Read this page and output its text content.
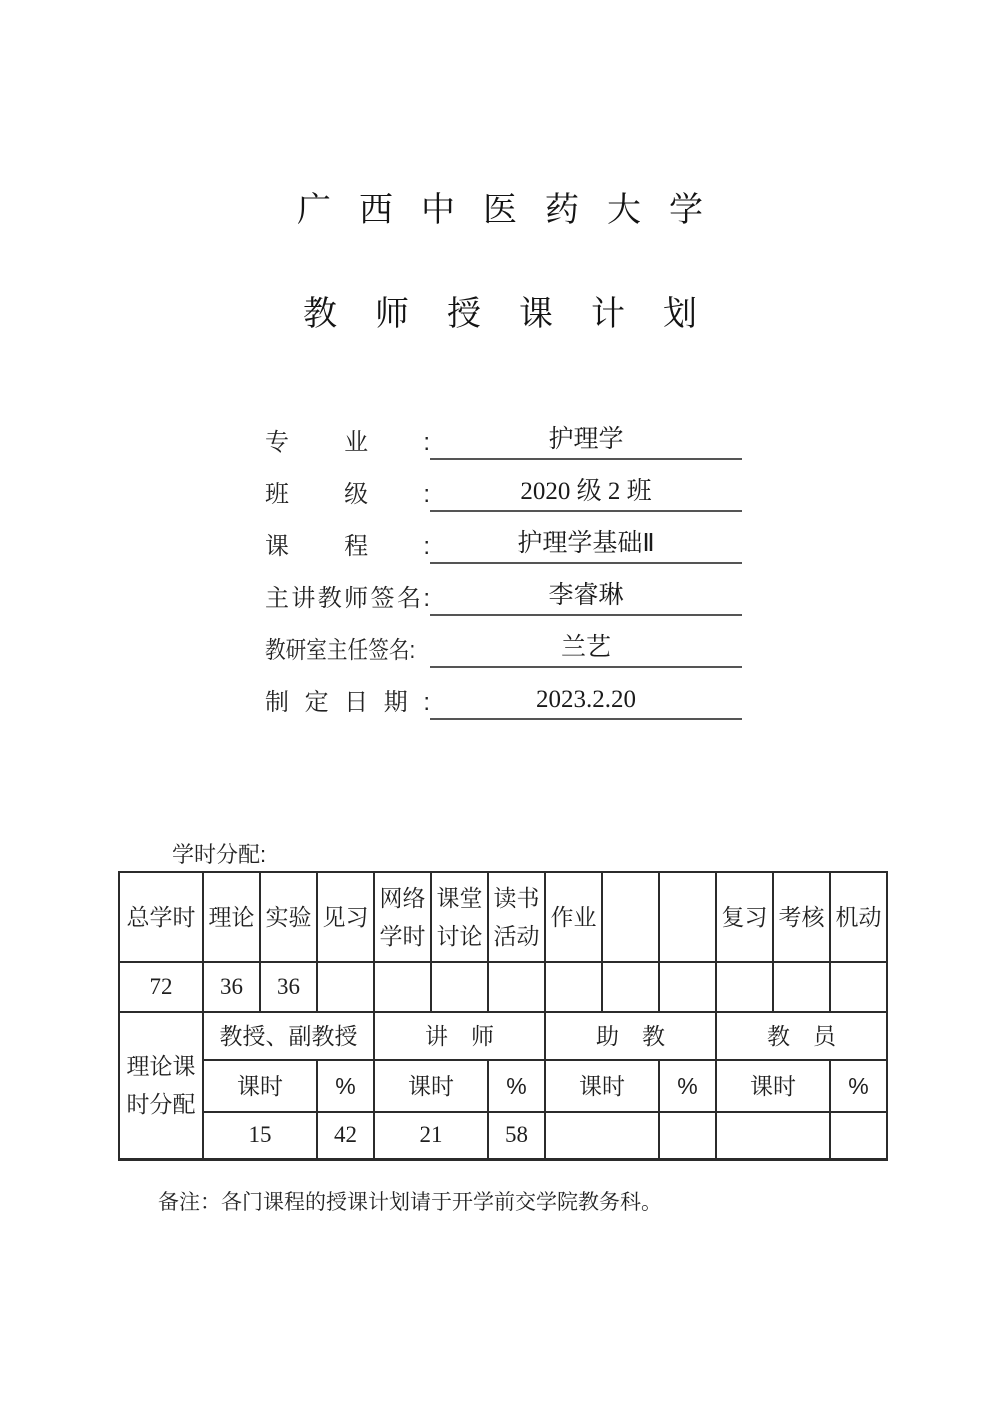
广西中医药大学
教师授课计划
专业:	护理学
班级:	2020 级 2 班
课程:	护理学基础Ⅱ
主讲教师签名:	李睿琳
教研室主任签名:	兰艺
制定日期:	2023.2.20
学时分配:
总学时	理论	实验	见习	网络学时	课堂讨论	读书活动	作业			复习	考核	机动
72	36	36										
理论课时分配	教授、副教授			讲　师			助　教			教　员		
	课时		%	课时		%	课时		%	课时		%
	15		42	21		58						
备注：各门课程的授课计划请于开学前交学院教务科。
